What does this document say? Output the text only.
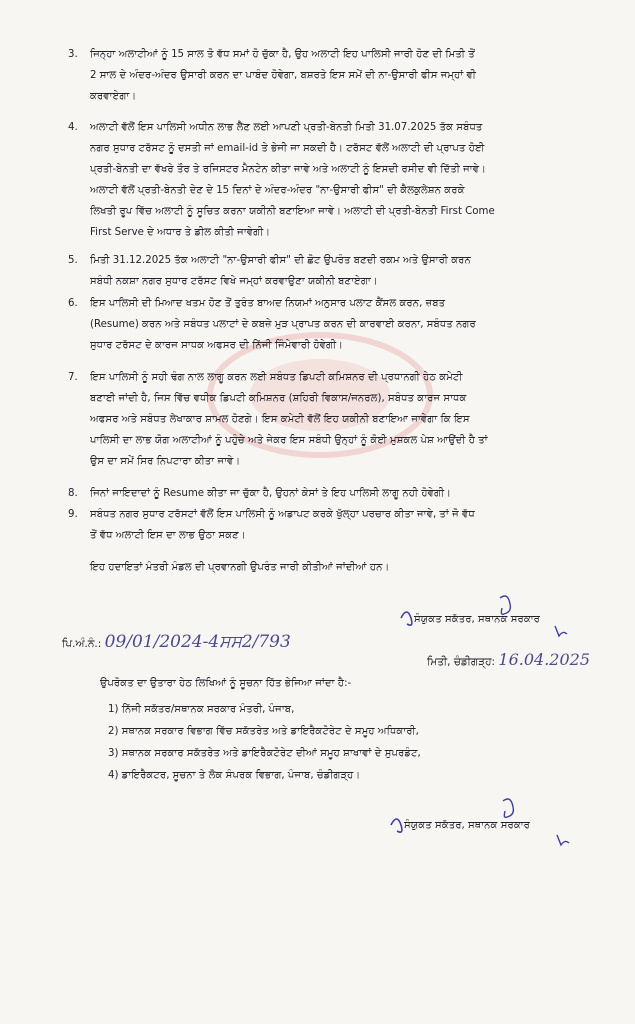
3. ਜਿਨ੍ਹਾ ਅਲਾਟੀਆਂ ਨੂੰ 15 ਸਾਲ ਤੋ ਵੱਧ ਸਮਾਂ ਹੋ ਚੁੱਕਾ ਹੈ, ਉਹ ਅਲਾਟੀ ਇਹ ਪਾਲਿਸੀ ਜਾਰੀ ਹੋਣ ਦੀ ਮਿਤੀ ਤੋਂ
2 ਸਾਲ ਦੇ ਅੰਦਰ-ਅੰਦਰ ਉਸਾਰੀ ਕਰਨ ਦਾ ਪਾਬੰਦ ਹੋਵੇਗਾ, ਬਸ਼ਰਤੇ ਇਸ ਸਮੇਂ ਦੀ ਨਾ-ਉਸਾਰੀ ਫੀਸ ਜਮ੍ਹਾਂ ਵੀ
ਕਰਵਾਏਗਾ।
4. ਅਲਾਟੀ ਵੱਲੋਂ ਇਸ ਪਾਲਿਸੀ ਅਧੀਨ ਲਾਭ ਲੈਣ ਲਈ ਆਪਣੀ ਪ੍ਰਤੀ-ਬੇਨਤੀ ਮਿਤੀ 31.07.2025 ਤੱਕ ਸਬੰਧਤ
ਨਗਰ ਸੁਧਾਰ ਟਰੱਸਟ ਨੂੰ ਦਸਤੀ ਜਾਂ email-id ਤੇ ਭੇਜੀ ਜਾ ਸਕਦੀ ਹੈ। ਟਰੱਸਟ ਵੱਲੋਂ ਅਲਾਟੀ ਦੀ ਪ੍ਰਾਪਤ ਹੋਈ
ਪ੍ਰਤੀ-ਬੇਨਤੀ ਦਾ ਵੱਖਰੇ ਤੌਰ ਤੇ ਰਜਿਸਟਰ ਮੈਨਟੇਨ ਕੀਤਾ ਜਾਵੇ ਅਤੇ ਅਲਾਟੀ ਨੂੰ ਇਸਦੀ ਰਸੀਦ ਵੀ ਦਿੱਤੀ ਜਾਵੇ।
ਅਲਾਟੀ ਵੱਲੋਂ ਪ੍ਰਤੀ-ਬੇਨਤੀ ਦੇਣ ਦੇ 15 ਦਿਨਾਂ ਦੇ ਅੰਦਰ-ਅੰਦਰ "ਨਾ-ਉਸਾਰੀ ਫੀਸ" ਦੀ ਕੈਲਕੁਲੇਸ਼ਨ ਕਰਕੇ
ਲਿਖਤੀ ਰੂਪ ਵਿੱਚ ਅਲਾਟੀ ਨੂੰ ਸੂਚਿਤ ਕਰਨਾ ਯਕੀਨੀ ਬਣਾਇਆ ਜਾਵੇ। ਅਲਾਟੀ ਦੀ ਪ੍ਰਤੀ-ਬੇਨਤੀ First Come
First Serve ਦੇ ਅਧਾਰ ਤੇ ਡੀਲ ਕੀਤੀ ਜਾਵੇਗੀ।
5. ਮਿਤੀ 31.12.2025 ਤੱਕ ਅਲਾਟੀ "ਨਾ-ਉਸਾਰੀ ਫੀਸ" ਦੀ ਛੋਟ ਉਪਰੰਤ ਬਣਦੀ ਰਕਮ ਅਤੇ ਉਸਾਰੀ ਕਰਨ
ਸਬੰਧੀ ਨਕਸ਼ਾ ਨਗਰ ਸੁਧਾਰ ਟਰੱਸਟ ਵਿਖੇ ਜਮ੍ਹਾਂ ਕਰਵਾਉਣਾ ਯਕੀਨੀ ਬਣਾਏਗਾ।
6. ਇਸ ਪਾਲਿਸੀ ਦੀ ਮਿਆਦ ਖਤਮ ਹੋਣ ਤੋਂ ਤੁਰੰਤ ਬਾਅਦ ਨਿਯਮਾਂ ਅਨੁਸਾਰ ਪਲਾਟ ਕੈਂਸਲ ਕਰਨ, ਜ਼ਬਤ
(Resume) ਕਰਨ ਅਤੇ ਸਬੰਧਤ ਪਲਾਟਾਂ ਦੇ ਕਬਜ਼ੇ ਮੁੜ ਪ੍ਰਾਪਤ ਕਰਨ ਦੀ ਕਾਰਵਾਈ ਕਰਨਾ, ਸਬੰਧਤ ਨਗਰ
ਸੁਧਾਰ ਟਰੱਸਟ ਦੇ ਕਾਰਜ ਸਾਧਕ ਅਫਸਰ ਦੀ ਨਿੱਜੀ ਜਿੰਮੇਵਾਰੀ ਹੋਵੇਗੀ।
7. ਇਸ ਪਾਲਿਸੀ ਨੂੰ ਸਹੀ ਢੰਗ ਨਾਲ ਲਾਗੂ ਕਰਨ ਲਈ ਸਬੰਧਤ ਡਿਪਟੀ ਕਮਿਸ਼ਨਰ ਦੀ ਪ੍ਰਧਾਨਗੀ ਹੇਠ ਕਮੇਟੀ
ਬਣਾਈ ਜਾਂਦੀ ਹੈ, ਜਿਸ ਵਿੱਚ ਵਧੀਕ ਡਿਪਟੀ ਕਮਿਸ਼ਨਰ (ਸ਼ਹਿਰੀ ਵਿਕਾਸ/ਜਨਰਲ), ਸਬੰਧਤ ਕਾਰਜ ਸਾਧਕ
ਅਫਸਰ ਅਤੇ ਸਬੰਧਤ ਲੇਖਾਕਾਰ ਸ਼ਾਮਲ ਹੋਣਗੇ। ਇਸ ਕਮੇਟੀ ਵੱਲੋਂ ਇਹ ਯਕੀਨੀ ਬਣਾਇਆ ਜਾਵੇਗਾ ਕਿ ਇਸ
ਪਾਲਿਸੀ ਦਾ ਲਾਭ ਯੋਗ ਅਲਾਟੀਆਂ ਨੂੰ ਪਹੁੰਚੇ ਅਤੇ ਜੇਕਰ ਇਸ ਸਬੰਧੀ ਉਨ੍ਹਾਂ ਨੂੰ ਕੋਈ ਮੁਸ਼ਕਲ ਪੇਸ਼ ਆਉਂਦੀ ਹੈ ਤਾਂ
ਉਸ ਦਾ ਸਮੇਂ ਸਿਰ ਨਿਪਟਾਰਾ ਕੀਤਾ ਜਾਵੇ।
8. ਜਿਨਾਂ ਜਾਇਦਾਦਾਂ ਨੂੰ Resume ਕੀਤਾ ਜਾ ਚੁੱਕਾ ਹੈ, ਉਹਨਾਂ ਕੇਸਾਂ ਤੇ ਇਹ ਪਾਲਿਸੀ ਲਾਗੂ ਨਹੀ ਹੋਵੇਗੀ।
9. ਸਬੰਧਤ ਨਗਰ ਸੁਧਾਰ ਟਰੱਸਟਾਂ ਵੱਲੋਂ ਇਸ ਪਾਲਿਸੀ ਨੂੰ ਅਡਾਪਟ ਕਰਕੇ ਖੁੱਲ੍ਹਾ ਪਰਚਾਰ ਕੀਤਾ ਜਾਵੇ, ਤਾਂ ਜੋ ਵੱਧ
ਤੋਂ ਵੱਧ ਅਲਾਟੀ ਇਸ ਦਾ ਲਾਭ ਉਠਾ ਸਕਣ।
ਇਹ ਹਦਾਇਤਾਂ ਮੰਤਰੀ ਮੰਡਲ ਦੀ ਪ੍ਰਵਾਨਗੀ ਉਪਰੰਤ ਜਾਰੀ ਕੀਤੀਆਂ ਜਾਂਦੀਆਂ ਹਨ।
ਸੰਯੁਕਤ ਸਕੱਤਰ, ਸਥਾਨਕ ਸਰਕਾਰ
ਪਿ.ਅੰ.ਨੰ.: 09/01/2024-4ਸਸ2/793
ਮਿਤੀ, ਚੰਡੀਗੜ੍ਹ: 16.04.2025
ਉਪਰੋਕਤ ਦਾ ਉਤਾਰਾ ਹੇਠ ਲਿਖਿਆਂ ਨੂੰ ਸੂਚਨਾ ਹਿੱਤ ਭੇਜਿਆ ਜਾਂਦਾ ਹੈ:-
1) ਨਿੱਜੀ ਸਕੱਤਰ/ਸਥਾਨਕ ਸਰਕਾਰ ਮੰਤਰੀ, ਪੰਜਾਬ,
2) ਸਥਾਨਕ ਸਰਕਾਰ ਵਿਭਾਗ ਵਿੱਚ ਸਕੱਤਰੇਤ ਅਤੇ ਡਾਇਰੈਕਟੋਰੇਟ ਦੇ ਸਮੂਹ ਅਧਿਕਾਰੀ,
3) ਸਥਾਨਕ ਸਰਕਾਰ ਸਕੱਤਰੇਤ ਅਤੇ ਡਾਇਰੈਕਟੋਰੇਟ ਦੀਆਂ ਸਮੂਹ ਸ਼ਾਖਾਵਾਂ ਦੇ ਸੁਪਰਡੰਟ,
4) ਡਾਇਰੈਕਟਰ, ਸੂਚਨਾ ਤੇ ਲੋਕ ਸੰਪਰਕ ਵਿਭਾਗ, ਪੰਜਾਬ, ਚੰਡੀਗੜ੍ਹ।
ਸੰਯੁਕਤ ਸਕੱਤਰ, ਸਥਾਨਕ ਸਰਕਾਰ
